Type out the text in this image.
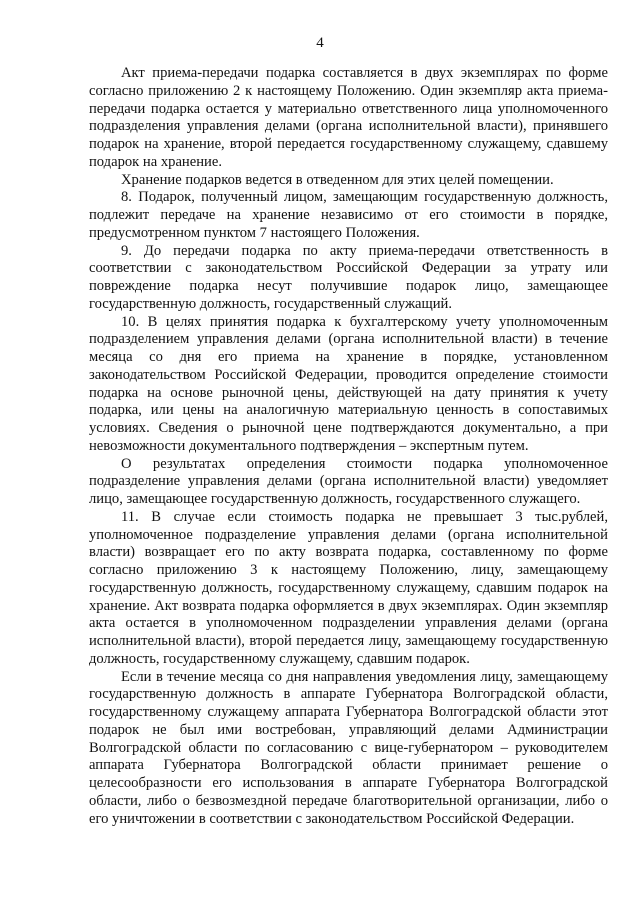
4

Акт приема-передачи подарка составляется в двух экземплярах по форме согласно приложению 2 к настоящему Положению. Один экземпляр акта приема-передачи подарка остается у материально ответственного лица уполномоченного подразделения управления делами (органа исполнительной власти), принявшего подарок на хранение, второй передается государственному служащему, сдавшему подарок на хранение.

Хранение подарков ведется в отведенном для этих целей помещении.

8. Подарок, полученный лицом, замещающим государственную должность, подлежит передаче на хранение независимо от его стоимости в порядке, предусмотренном пунктом 7 настоящего Положения.

9. До передачи подарка по акту приема-передачи ответственность в соответствии с законодательством Российской Федерации за утрату или повреждение подарка несут получившие подарок лицо, замещающее государственную должность, государственный служащий.

10. В целях принятия подарка к бухгалтерскому учету уполномоченным подразделением управления делами (органа исполнительной власти) в течение месяца со дня его приема на хранение в порядке, установленном законодательством Российской Федерации, проводится определение стоимости подарка на основе рыночной цены, действующей на дату принятия к учету подарка, или цены на аналогичную материальную ценность в сопоставимых условиях. Сведения о рыночной цене подтверждаются документально, а при невозможности документального подтверждения – экспертным путем.

О результатах определения стоимости подарка уполномоченное подразделение управления делами (органа исполнительной власти) уведомляет лицо, замещающее государственную должность, государственного служащего.

11. В случае если стоимость подарка не превышает 3 тыс.рублей, уполномоченное подразделение управления делами (органа исполнительной власти) возвращает его по акту возврата подарка, составленному по форме согласно приложению 3 к настоящему Положению, лицу, замещающему государственную должность, государственному служащему, сдавшим подарок на хранение. Акт возврата подарка оформляется в двух экземплярах. Один экземпляр акта остается в уполномоченном подразделении управления делами (органа исполнительной власти), второй передается лицу, замещающему государственную должность, государственному служащему, сдавшим подарок.

Если в течение месяца со дня направления уведомления лицу, замещающему государственную должность в аппарате Губернатора Волгоградской области, государственному служащему аппарата Губернатора Волгоградской области этот подарок не был ими востребован, управляющий делами Администрации Волгоградской области по согласованию с вице-губернатором – руководителем аппарата Губернатора Волгоградской области принимает решение о целесообразности его использования в аппарате Губернатора Волгоградской области, либо о безвозмездной передаче благотворительной организации, либо о его уничтожении в соответствии с законодательством Российской Федерации.
